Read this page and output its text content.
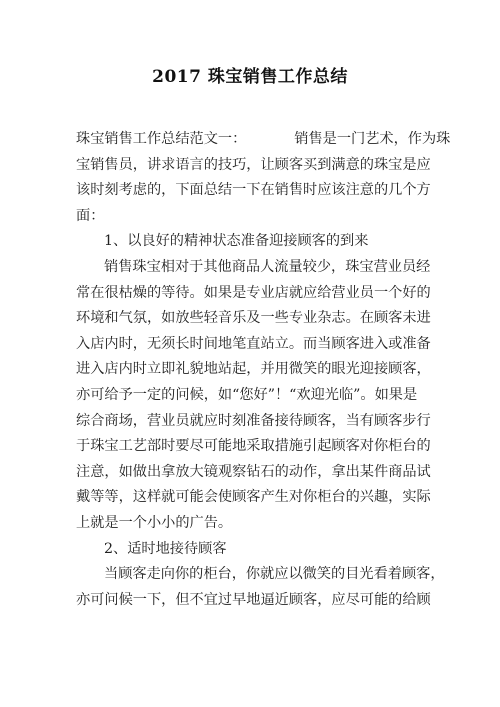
2017 珠宝销售工作总结
珠宝销售工作总结范文一：	销售是一门艺术，作为珠
宝销售员，讲求语言的技巧，让顾客买到满意的珠宝是应
该时刻考虑的，下面总结一下在销售时应该注意的几个方
面：
1、以良好的精神状态准备迎接顾客的到来
销售珠宝相对于其他商品人流量较少，珠宝营业员经
常在很枯燥的等待。如果是专业店就应给营业员一个好的
环境和气氛，如放些轻音乐及一些专业杂志。在顾客未进
入店内时，无须长时间地笔直站立。而当顾客进入或准备
进入店内时立即礼貌地站起，并用微笑的眼光迎接顾客，
亦可给予一定的问候，如“您好”！“欢迎光临”。如果是
综合商场，营业员就应时刻准备接待顾客，当有顾客步行
于珠宝工艺部时要尽可能地采取措施引起顾客对你柜台的
注意，如做出拿放大镜观察钻石的动作，拿出某件商品试
戴等等，这样就可能会使顾客产生对你柜台的兴趣，实际
上就是一个小小的广告。
2、适时地接待顾客
当顾客走向你的柜台，你就应以微笑的目光看着顾客，
亦可问候一下，但不宜过早地逼近顾客，应尽可能的给顾
